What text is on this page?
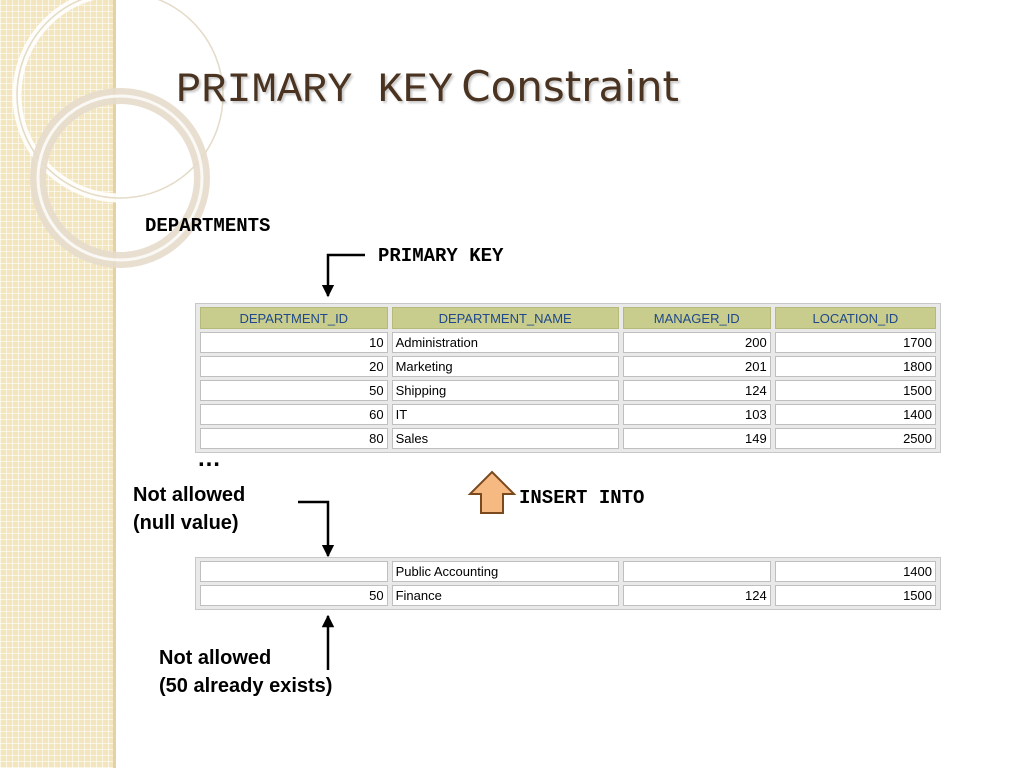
PRIMARY KEY Constraint
DEPARTMENTS
PRIMARY KEY
DEPARTMENT_ID	DEPARTMENT_NAME	MANAGER_ID	LOCATION_ID
10	Administration	200	1700
20	Marketing	201	1800
50	Shipping	124	1500
60	IT	103	1400
80	Sales	149	2500
…
INSERT INTO
Not allowed
(null value)
	Public Accounting		1400
50	Finance	124	1500
Not allowed
(50 already exists)
